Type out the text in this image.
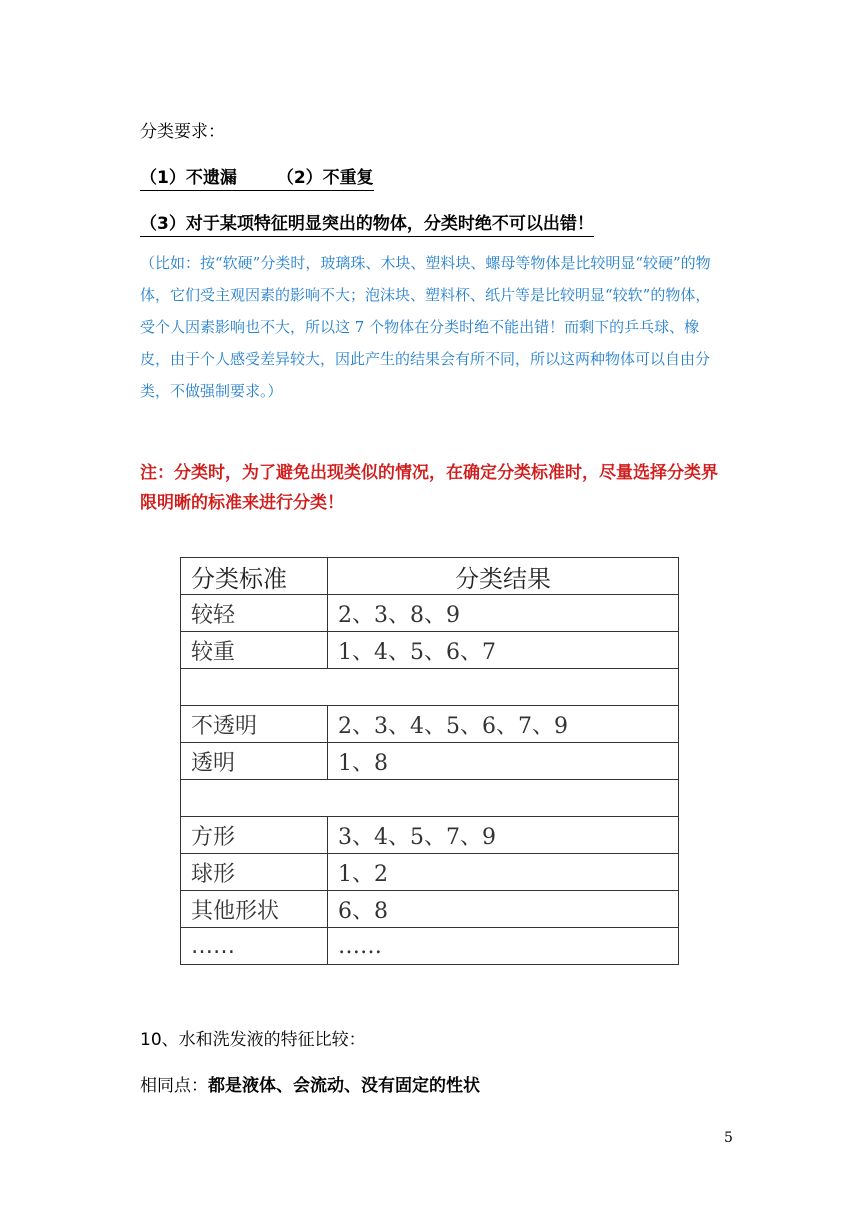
分类要求：
（1）不遗漏 （2）不重复
（3）对于某项特征明显突出的物体，分类时绝不可以出错！
（比如：按“软硬”分类时，玻璃珠、木块、塑料块、螺母等物体是比较明显“较硬”的物体，它们受主观因素的影响不大；泡沫块、塑料杯、纸片等是比较明显“较软”的物体，受个人因素影响也不大，所以这 7 个物体在分类时绝不能出错！而剩下的乒乓球、橡皮，由于个人感受差异较大，因此产生的结果会有所不同，所以这两种物体可以自由分类，不做强制要求。）
注：分类时，为了避免出现类似的情况，在确定分类标准时，尽量选择分类界限明晰的标准来进行分类！
分类标准	分类结果
较轻	2、3、8、9
较重	1、4、5、6、7

不透明	2、3、4、5、6、7、9
透明	1、8

方形	3、4、5、7、9
球形	1、2
其他形状	6、8
……	……
10、水和洗发液的特征比较：
相同点：都是液体、会流动、没有固定的性状
5
